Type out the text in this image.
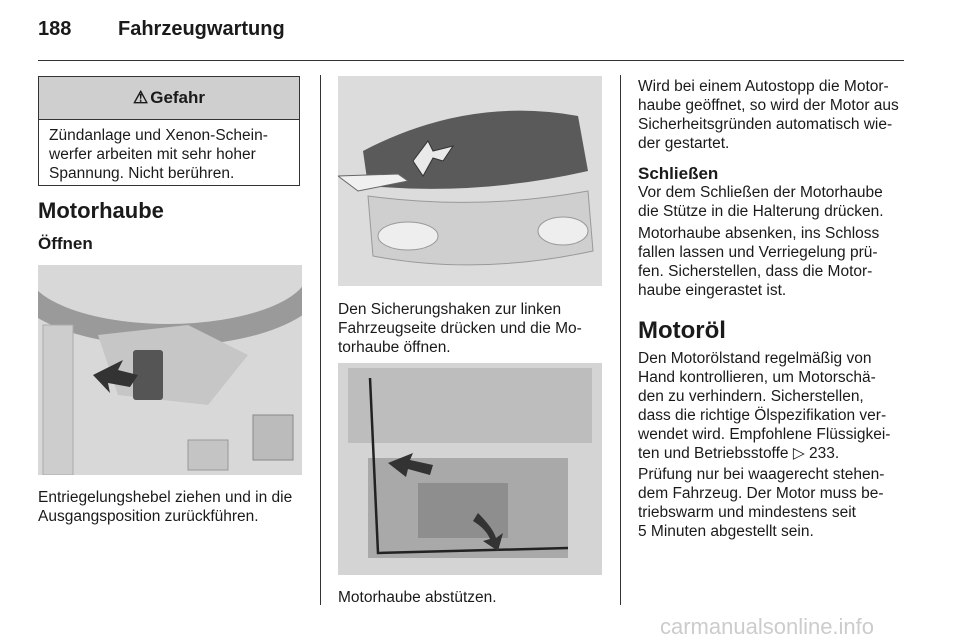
188 Fahrzeugwartung
⚠ Gefahr
Zündanlage und Xenon-Schein-
werfer arbeiten mit sehr hoher
Spannung. Nicht berühren.
Motorhaube
Öffnen
Entriegelungshebel ziehen und in die
Ausgangsposition zurückführen.
Den Sicherungshaken zur linken
Fahrzeugseite drücken und die Mo-
torhaube öffnen.
Motorhaube abstützen.
Wird bei einem Autostopp die Motor-
haube geöffnet, so wird der Motor aus
Sicherheitsgründen automatisch wie-
der gestartet.
Schließen
Vor dem Schließen der Motorhaube
die Stütze in die Halterung drücken.
Motorhaube absenken, ins Schloss
fallen lassen und Verriegelung prü-
fen. Sicherstellen, dass die Motor-
haube eingerastet ist.
Motoröl
Den Motorölstand regelmäßig von
Hand kontrollieren, um Motorschä-
den zu verhindern. Sicherstellen,
dass die richtige Ölspezifikation ver-
wendet wird. Empfohlene Flüssigkei-
ten und Betriebsstoffe ▷ 233.
Prüfung nur bei waagerecht stehen-
dem Fahrzeug. Der Motor muss be-
triebswarm und mindestens seit
5 Minuten abgestellt sein.
carmanualsonline.info
